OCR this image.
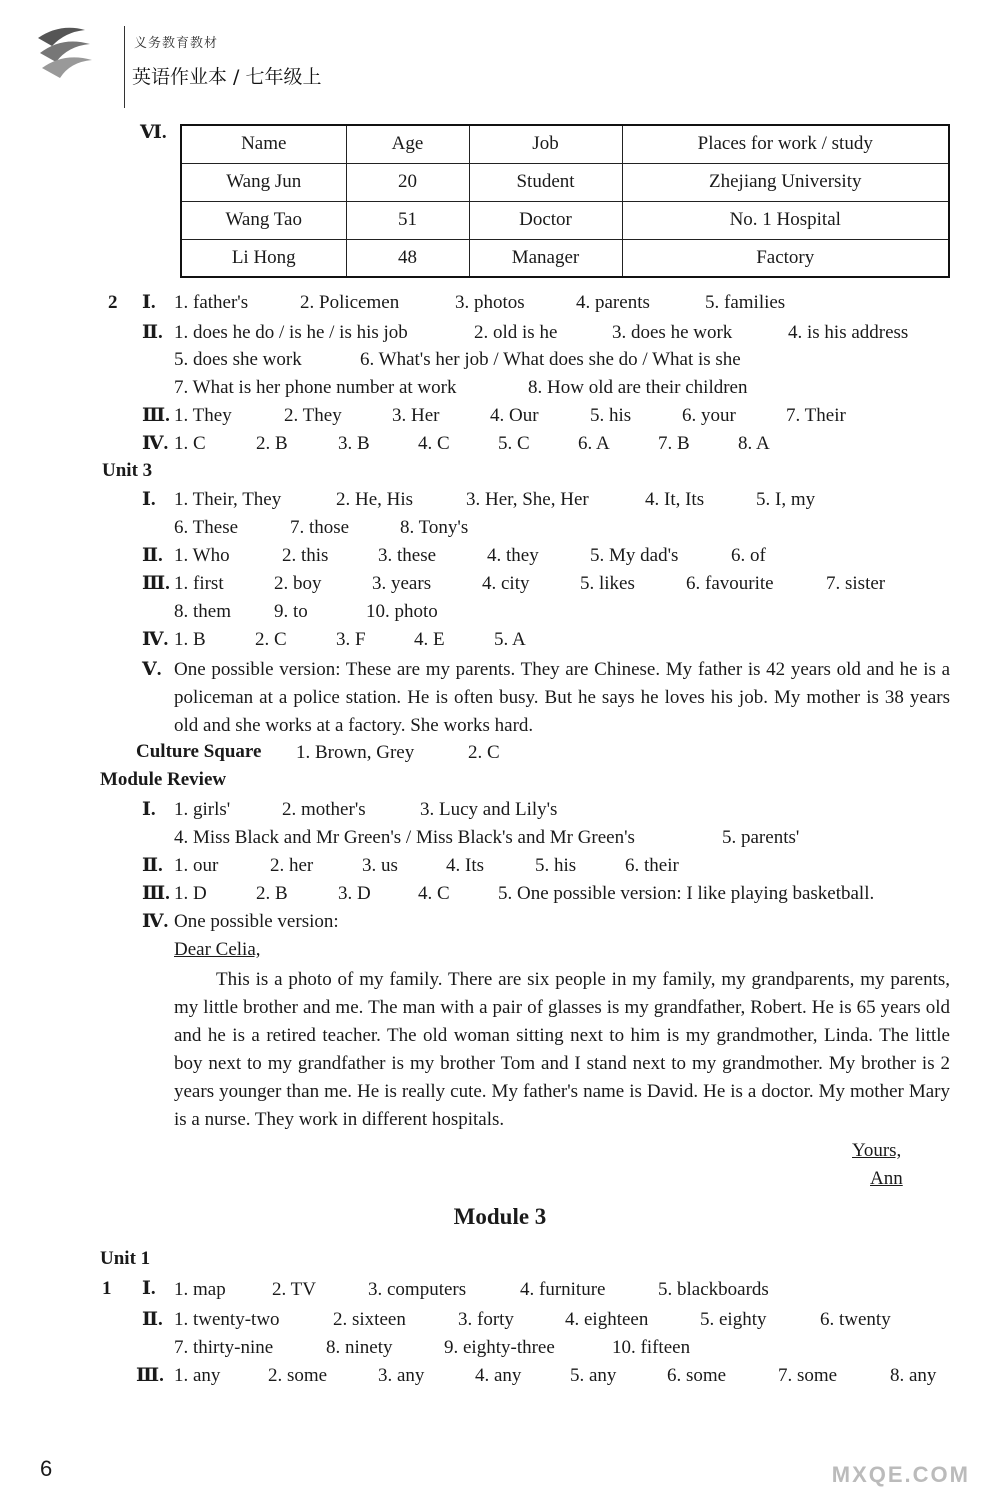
义务教育教材
英语作业本 / 七年级上
Ⅵ.
Name	Age	Job	Places for work / study
Wang Jun	20	Student	Zhejiang University
Wang Tao	51	Doctor	No. 1 Hospital
Li Hong	48	Manager	Factory
2 Ⅰ. 1. father's	2. Policemen	3. photos	4. parents	5. families
Ⅱ. 1. does he do / is he / is his job	2. old is he	3. does he work	4. is his address
5. does she work	6. What's her job / What does she do / What is she
7. What is her phone number at work	8. How old are their children
Ⅲ. 1. They	2. They	3. Her	4. Our	5. his	6. your	7. Their
Ⅳ. 1. C	2. B	3. B	4. C	5. C	6. A	7. B	8. A
Unit 3
Ⅰ. 1. Their, They	2. He, His	3. Her, She, Her	4. It, Its	5. I, my
6. These	7. those	8. Tony's
Ⅱ. 1. Who	2. this	3. these	4. they	5. My dad's	6. of
Ⅲ. 1. first	2. boy	3. years	4. city	5. likes	6. favourite	7. sister
8. them 9. to	10. photo
Ⅳ. 1. B	2. C	3. F	4. E	5. A
Ⅴ. One possible version: These are my parents. They are Chinese. My father is 42 years old and he is a policeman at a police station. He is often busy. But he says he loves his job. My mother is 38 years old and she works at a factory. She works hard.
Culture Square 1. Brown, Grey	2. C
Module Review
Ⅰ. 1. girls'	2. mother's	3. Lucy and Lily's
4. Miss Black and Mr Green's / Miss Black's and Mr Green's	5. parents'
Ⅱ. 1. our	2. her	3. us	4. Its	5. his	6. their
Ⅲ. 1. D	2. B	3. D 4. C	5. One possible version: I like playing basketball.
Ⅳ. One possible version:
Dear Celia,
This is a photo of my family. There are six people in my family, my grandparents, my parents, my little brother and me. The man with a pair of glasses is my grandfather, Robert. He is 65 years old and he is a retired teacher. The old woman sitting next to him is my grandmother, Linda. The little boy next to my grandfather is my brother Tom and I stand next to my grandmother. My brother is 2 years younger than me. He is really cute. My father's name is David. He is a doctor. My mother Mary is a nurse. They work in different hospitals.
Yours,
Ann
Module 3
Unit 1
1 Ⅰ. 1. map 2. TV	3. computers	4. furniture	5. blackboards
Ⅱ. 1. twenty-two	2. sixteen	3. forty	4. eighteen	5. eighty	6. twenty
7. thirty-nine	8. ninety	9. eighty-three	10. fifteen
Ⅲ. 1. any	2. some	3. any	4. any	5. any	6. some	7. some	8. any
6	MXQE.COM
